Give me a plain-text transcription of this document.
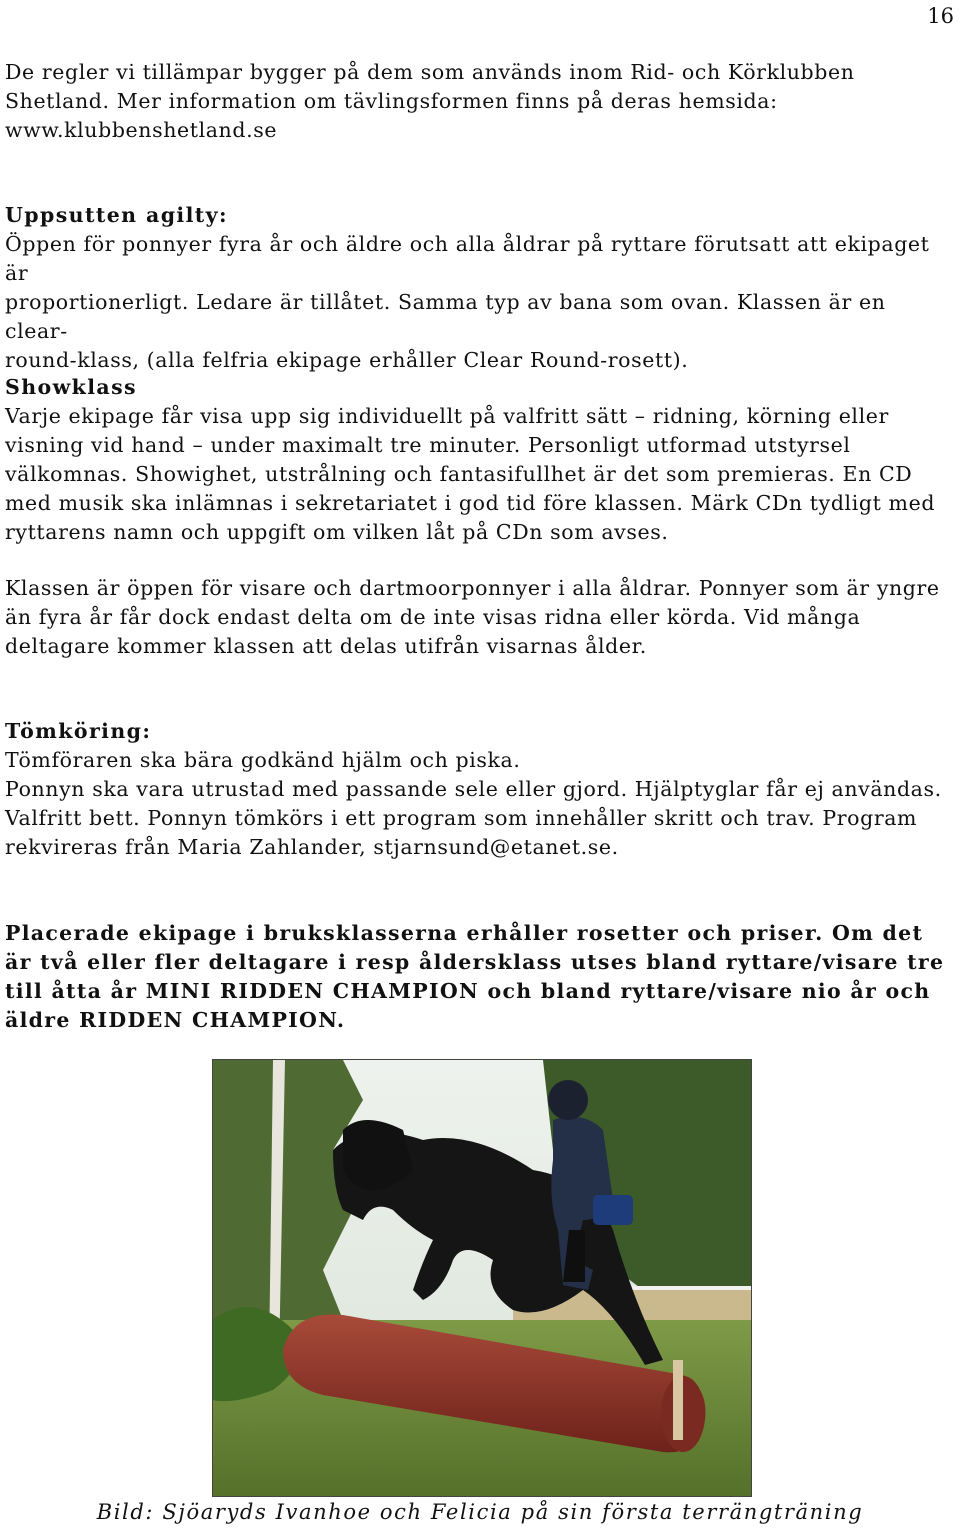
16

De regler vi tillämpar bygger på dem som används inom Rid- och Körklubben

Shetland. Mer information om tävlingsformen finns på deras hemsida:

www.klubbenshetland.se

Uppsutten agilty:

Öppen för ponnyer fyra år och äldre och alla åldrar på ryttare förutsatt att ekipaget är

proportionerligt. Ledare är tillåtet. Samma typ av bana som ovan. Klassen är en clear-

round-klass, (alla felfria ekipage erhåller Clear Round-rosett).

Showklass

Varje ekipage får visa upp sig individuellt på valfritt sätt – ridning, körning eller

visning vid hand – under maximalt tre minuter. Personligt utformad utstyrsel

välkomnas. Showighet, utstrålning och fantasifullhet är det som premieras. En CD

med musik ska inlämnas i sekretariatet i god tid före klassen. Märk CDn tydligt med

ryttarens namn och uppgift om vilken låt på CDn som avses.

Klassen är öppen för visare och dartmoorponnyer i alla åldrar. Ponnyer som är yngre

än fyra år får dock endast delta om de inte visas ridna eller körda. Vid många

deltagare kommer klassen att delas utifrån visarnas ålder.

Tömköring:

Tömföraren ska bära godkänd hjälm och piska.

Ponnyn ska vara utrustad med passande sele eller gjord. Hjälptyglar får ej användas.

Valfritt bett. Ponnyn tömkörs i ett program som innehåller skritt och trav. Program

rekvireras från Maria Zahlander, stjarnsund@etanet.se.

Placerade ekipage i bruksklasserna erhåller rosetter och priser. Om det

är två eller fler deltagare i resp åldersklass utses bland ryttare/visare tre

till åtta år MINI RIDDEN CHAMPION och bland ryttare/visare nio år och

äldre RIDDEN CHAMPION.

Bild: Sjöaryds Ivanhoe och Felicia på sin första terrängträning
